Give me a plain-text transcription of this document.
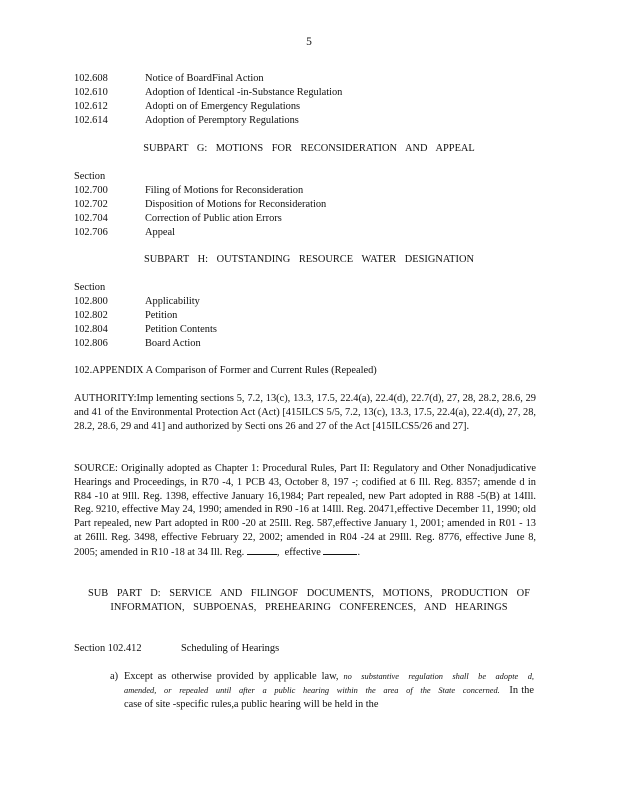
5
102.608	Notice of BoardFinal Action
102.610	Adoption of Identical -in-Substance Regulation
102.612	Adopti on of Emergency Regulations
102.614	Adoption of Peremptory Regulations
SUBPART G: MOTIONS FOR RECONSIDERATION AND APPEAL
Section
102.700	Filing of Motions for Reconsideration
102.702	Disposition of Motions for Reconsideration
102.704	Correction of Public ation Errors
102.706	Appeal
SUBPART H: OUTSTANDING RESOURCE WATER DESIGNATION
Section
102.800	Applicability
102.802	Petition
102.804	Petition Contents
102.806	Board Action
102.APPENDIX A Comparison of Former and Current Rules (Repealed)

AUTHORITY:Imp lementing sections 5, 7.2, 13(c), 13.3, 17.5, 22.4(a), 22.4(d), 22.7(d), 27, 28, 28.2, 28.6, 29 and 41 of the Environmental Protection Act (Act) [415ILCS 5/5, 7.2, 13(c), 13.3, 17.5, 22.4(a), 22.4(d), 27, 28, 28.2, 28.6, 29 and 41] and authorized by Secti ons 26 and 27 of the Act [415ILCS5/26 and 27].

SOURCE: Originally adopted as Chapter 1: Procedural Rules, Part II: Regulatory and Other Nonadjudicative Hearings and Proceedings, in R70 -4, 1 PCB 43, October 8, 197 -; codified at 6 Ill. Reg. 8357; amende d in R84 -10 at 9Ill. Reg. 1398, effective January 16,1984; Part repealed, new Part adopted in R88 -5(B) at 14Ill. Reg. 9210, effective May 24, 1990; amended in R90 -16 at 14Ill. Reg. 20471,effective December 11, 1990; old Part repealed, new Part adopted in R00 -20 at 25Ill. Reg. 587,effective January 1, 2001; amended in R01 - 13 at 26Ill. Reg. 3498, effective February 22, 2002; amended in R04 -24 at 29Ill. Reg. 8776, effective June 8, 2005; amended in R10 -18 at 34 Ill. Reg.	,  effective	.

SUB PART D: SERVICE AND FILINGOF DOCUMENTS, MOTIONS, PRODUCTION OF
INFORMATION, SUBPOENAS, PREHEARING CONFERENCES, AND HEARINGS
Section 102.412	Scheduling of Hearings

a) Except as otherwise provided by applicable law, no substantive regulation shall be adopte d, amended, or repealed until after a public hearing within the area of the State concerned. In the case of site -specific rules,a public hearing will be held in the
